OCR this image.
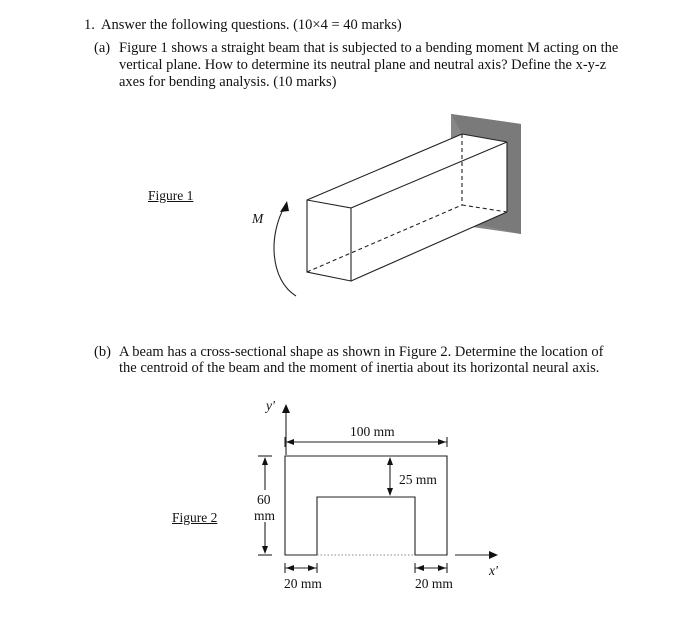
1. Answer the following questions. (10×4 = 40 marks)
(a) Figure 1 shows a straight beam that is subjected to a bending moment M acting on the
vertical plane. How to determine its neutral plane and neutral axis? Define the x-y-z
axes for bending analysis. (10 marks)
Figure 1
M
(b) A beam has a cross-sectional shape as shown in Figure 2. Determine the location of
the centroid of the beam and the moment of inertia about its horizontal neural axis.
y'
x'
100 mm
25 mm
60
mm
Figure 2
20 mm	20 mm
